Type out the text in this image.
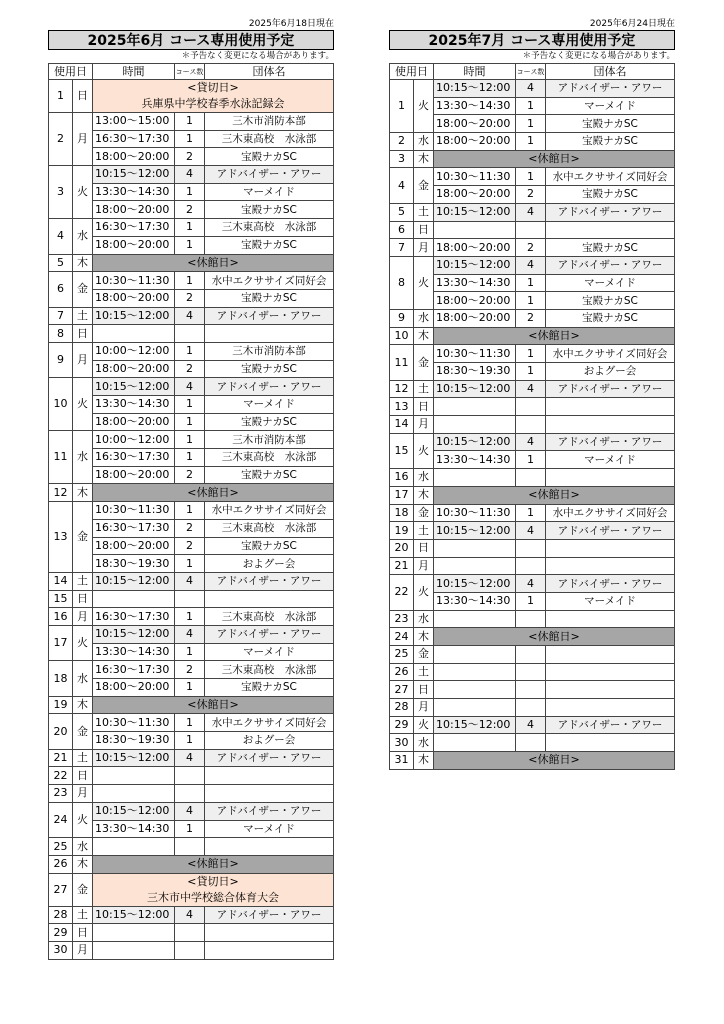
2025年6月18日現在
2025年6月 コース専用使用予定
＊予告なく変更になる場合があります。
使用日		時間	コース数	団体名
1	日	<貸切日>
兵庫県中学校春季水泳記録会		

2	月	13:00～15:00	1	三木市消防本部
		16:30～17:30	1	三木東高校　水泳部
		18:00～20:00	2	宝殿ナカSC
3	火	10:15～12:00	4	アドバイザー・アワー
		13:30～14:30	1	マーメイド
		18:00～20:00	2	宝殿ナカSC
4	水	16:30～17:30	1	三木東高校　水泳部
		18:00～20:00	1	宝殿ナカSC
5	木	<休館日>		
6	金	10:30～11:30	1	水中エクササイズ同好会
		18:00～20:00	2	宝殿ナカSC
7	土	10:15～12:00	4	アドバイザー・アワー
8	日			
9	月	10:00～12:00	1	三木市消防本部
		18:00～20:00	2	宝殿ナカSC
10	火	10:15～12:00	4	アドバイザー・アワー
		13:30～14:30	1	マーメイド
		18:00～20:00	1	宝殿ナカSC
11	水	10:00～12:00	1	三木市消防本部
		16:30～17:30	1	三木東高校　水泳部
		18:00～20:00	2	宝殿ナカSC
12	木	<休館日>		
13	金	10:30～11:30	1	水中エクササイズ同好会
		16:30～17:30	2	三木東高校　水泳部
		18:00～20:00	2	宝殿ナカSC
		18:30～19:30	1	およグー会
14	土	10:15～12:00	4	アドバイザー・アワー
15	日			
16	月	16:30～17:30	1	三木東高校　水泳部
17	火	10:15～12:00	4	アドバイザー・アワー
		13:30～14:30	1	マーメイド
18	水	16:30～17:30	2	三木東高校　水泳部
		18:00～20:00	1	宝殿ナカSC
19	木	<休館日>		
20	金	10:30～11:30	1	水中エクササイズ同好会
		18:30～19:30	1	およグー会
21	土	10:15～12:00	4	アドバイザー・アワー
22	日			
23	月			
24	火	10:15～12:00	4	アドバイザー・アワー
		13:30～14:30	1	マーメイド
25	水			
26	木	<休館日>		
27	金	<貸切日>
三木市中学校総合体育大会		

28	土	10:15～12:00	4	アドバイザー・アワー
29	日			
30	月			
2025年6月24日現在
2025年7月 コース専用使用予定
＊予告なく変更になる場合があります。
使用日		時間	コース数	団体名
1	火	10:15～12:00	4	アドバイザー・アワー
		13:30～14:30	1	マーメイド
		18:00～20:00	1	宝殿ナカSC
2	水	18:00～20:00	1	宝殿ナカSC
3	木	<休館日>		
4	金	10:30～11:30	1	水中エクササイズ同好会
		18:00～20:00	2	宝殿ナカSC
5	土	10:15～12:00	4	アドバイザー・アワー
6	日			
7	月	18:00～20:00	2	宝殿ナカSC
8	火	10:15～12:00	4	アドバイザー・アワー
		13:30～14:30	1	マーメイド
		18:00～20:00	1	宝殿ナカSC
9	水	18:00～20:00	2	宝殿ナカSC
10	木	<休館日>		
11	金	10:30～11:30	1	水中エクササイズ同好会
		18:30～19:30	1	およグー会
12	土	10:15～12:00	4	アドバイザー・アワー
13	日			
14	月			
15	火	10:15～12:00	4	アドバイザー・アワー
		13:30～14:30	1	マーメイド
16	水			
17	木	<休館日>		
18	金	10:30～11:30	1	水中エクササイズ同好会
19	土	10:15～12:00	4	アドバイザー・アワー
20	日			
21	月			
22	火	10:15～12:00	4	アドバイザー・アワー
		13:30～14:30	1	マーメイド
23	水			
24	木	<休館日>		
25	金			
26	土			
27	日			
28	月			
29	火	10:15～12:00	4	アドバイザー・アワー
30	水			
31	木	<休館日>		
